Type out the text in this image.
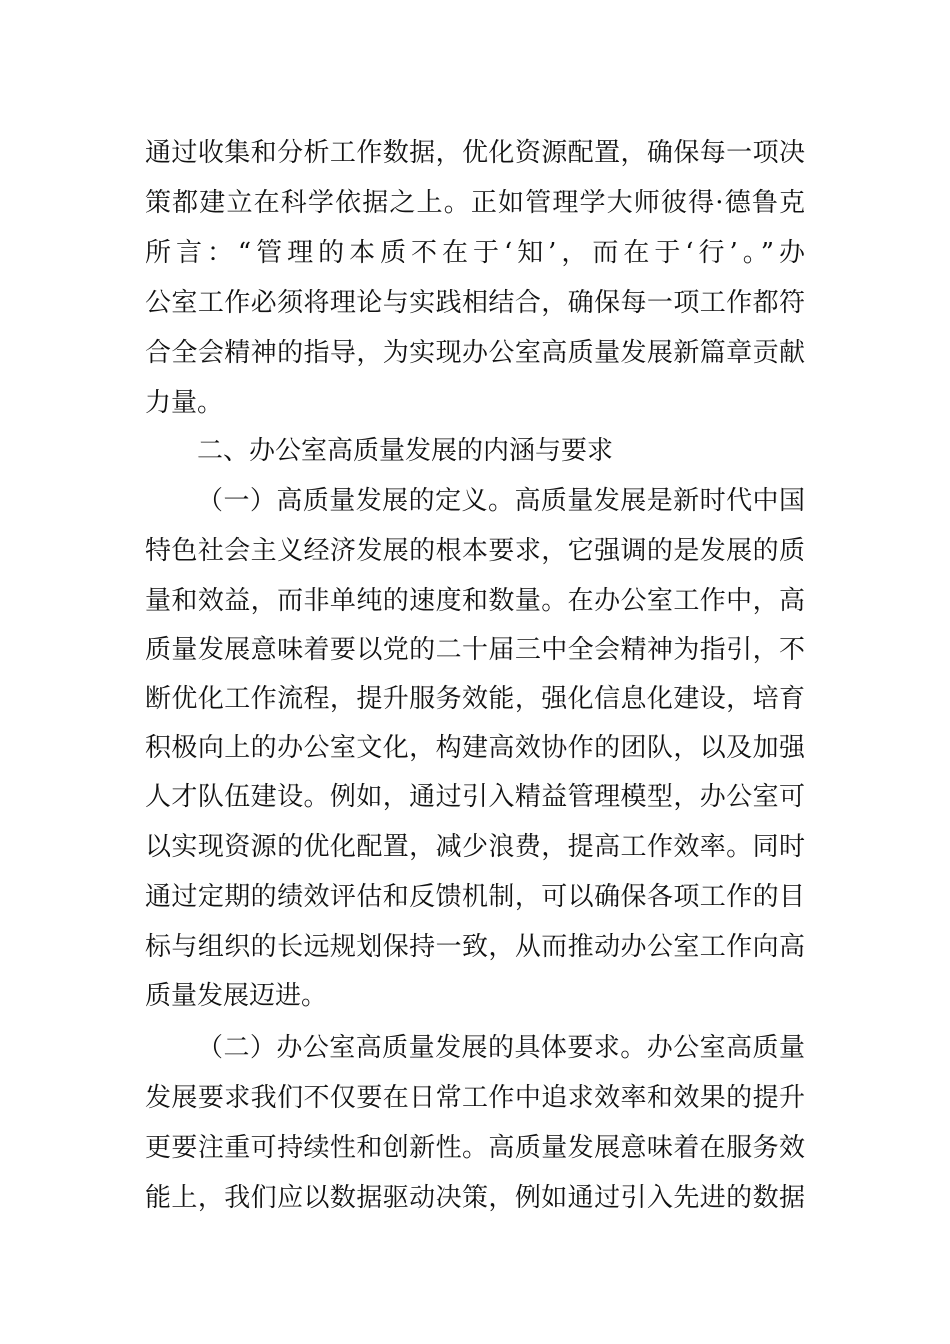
通过收集和分析工作数据，优化资源配置，确保每一项决
策都建立在科学依据之上。正如管理学大师彼得·德鲁克
所言：“管理的本质不在于‘知’，而在于‘行’。”办
公室工作必须将理论与实践相结合，确保每一项工作都符
合全会精神的指导，为实现办公室高质量发展新篇章贡献
力量。
二、办公室高质量发展的内涵与要求
（一）高质量发展的定义。高质量发展是新时代中国
特色社会主义经济发展的根本要求，它强调的是发展的质
量和效益，而非单纯的速度和数量。在办公室工作中，高
质量发展意味着要以党的二十届三中全会精神为指引，不
断优化工作流程，提升服务效能，强化信息化建设，培育
积极向上的办公室文化，构建高效协作的团队，以及加强
人才队伍建设。例如，通过引入精益管理模型，办公室可
以实现资源的优化配置，减少浪费，提高工作效率。同时
通过定期的绩效评估和反馈机制，可以确保各项工作的目
标与组织的长远规划保持一致，从而推动办公室工作向高
质量发展迈进。
（二）办公室高质量发展的具体要求。办公室高质量
发展要求我们不仅要在日常工作中追求效率和效果的提升
更要注重可持续性和创新性。高质量发展意味着在服务效
能上，我们应以数据驱动决策，例如通过引入先进的数据
